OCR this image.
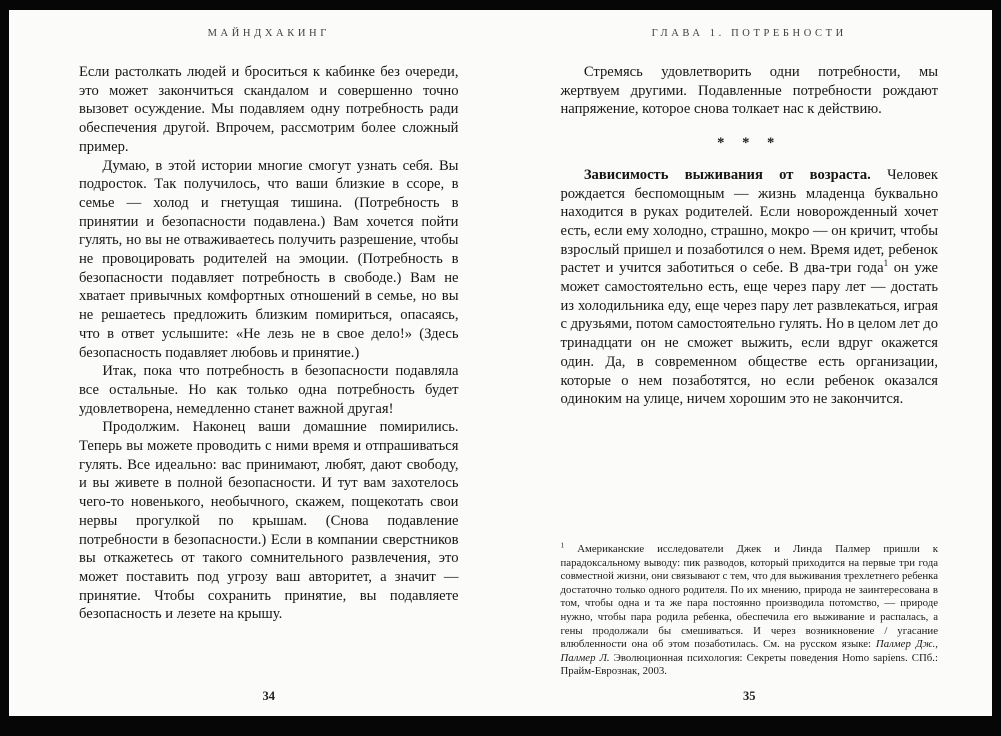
МАЙНДХАКИНГ

Если растолкать людей и броситься к кабинке без очереди, это может закончиться скандалом и совершенно точно вызовет осуждение. Мы подавляем одну потребность ради обеспечения другой. Впрочем, рассмотрим более сложный пример.

Думаю, в этой истории многие смогут узнать себя. Вы подросток. Так получилось, что ваши близкие в ссоре, в семье — холод и гнетущая тишина. (Потребность в принятии и безопасности подавлена.) Вам хочется пойти гулять, но вы не отваживаетесь получить разрешение, чтобы не провоцировать родителей на эмоции. (Потребность в безопасности подавляет потребность в свободе.) Вам не хватает привычных комфортных отношений в семье, но вы не решаетесь предложить близким помириться, опасаясь, что в ответ услышите: «Не лезь не в свое дело!» (Здесь безопасность подавляет любовь и принятие.)

Итак, пока что потребность в безопасности подавляла все остальные. Но как только одна потребность будет удовлетворена, немедленно станет важной другая!

Продолжим. Наконец ваши домашние помирились. Теперь вы можете проводить с ними время и отпрашиваться гулять. Все идеально: вас принимают, любят, дают свободу, и вы живете в полной безопасности. И тут вам захотелось чего-то новенького, необычного, скажем, пощекотать свои нервы прогулкой по крышам. (Снова подавление потребности в безопасности.) Если в компании сверстников вы откажетесь от такого сомнительного развлечения, это может поставить под угрозу ваш авторитет, а значит — принятие. Чтобы сохранить принятие, вы подавляете безопасность и лезете на крышу.

34
ГЛАВА 1. ПОТРЕБНОСТИ

Стремясь удовлетворить одни потребности, мы жертвуем другими. Подавленные потребности рождают напряжение, которое снова толкает нас к действию.

* * *

Зависимость выживания от возраста. Человек рождается беспомощным — жизнь младенца буквально находится в руках родителей. Если новорожденный хочет есть, если ему холодно, страшно, мокро — он кричит, чтобы взрослый пришел и позаботился о нем. Время идет, ребенок растет и учится заботиться о себе. В два-три года$^1$ он уже может самостоятельно есть, еще через пару лет — достать из холодильника еду, еще через пару лет развлекаться, играя с друзьями, потом самостоятельно гулять. Но в целом лет до тринадцати он не сможет выжить, если вдруг окажется один. Да, в современном обществе есть организации, которые о нем позаботятся, но если ребенок оказался одиноким на улице, ничем хорошим это не закончится.

$^1$ Американские исследователи Джек и Линда Палмер пришли к парадоксальному выводу: пик разводов, который приходится на первые три года совместной жизни, они связывают с тем, что для выживания трехлетнего ребенка достаточно только одного родителя. По их мнению, природа не заинтересована в том, чтобы одна и та же пара постоянно производила потомство, — природе нужно, чтобы пара родила ребенка, обеспечила его выживание и распалась, а гены продолжали бы смешиваться. И через возникновение / угасание влюбленности она об этом позаботилась. См. на русском языке: Палмер Дж., Палмер Л. Эволюционная психология: Секреты поведения Homo sapiens. СПб.: Прайм-Еврознак, 2003.
35
